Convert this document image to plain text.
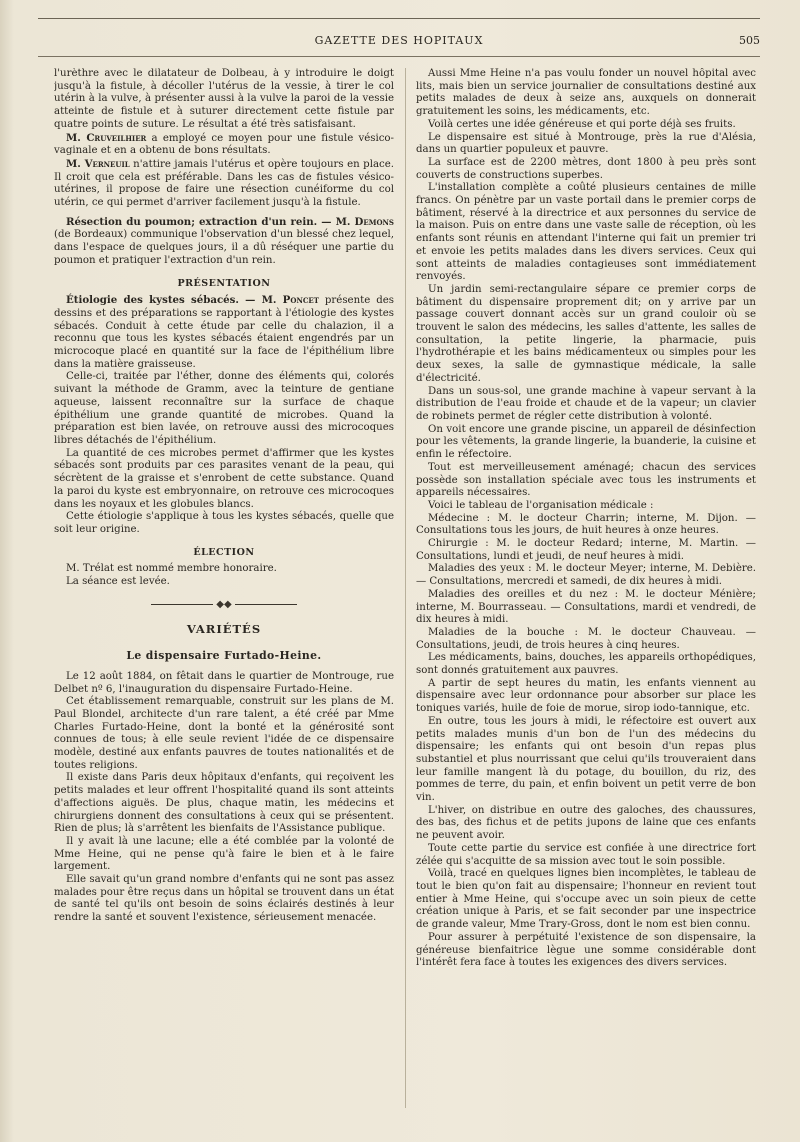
GAZETTE DES HOPITAUX	505

l'urèthre avec le dilatateur de Dolbeau, à y introduire le doigt jusqu'à la fistule, à décoller l'utérus de la vessie, à tirer le col utérin à la vulve, à présenter aussi à la vulve la paroi de la vessie atteinte de fistule et à suturer directement cette fistule par quatre points de suture. Le résultat a été très satisfaisant.

M. Cruveilhier a employé ce moyen pour une fistule vésico-vaginale et en a obtenu de bons résultats.

M. Verneuil n'attire jamais l'utérus et opère toujours en place. Il croit que cela est préférable. Dans les cas de fistules vésico-utérines, il propose de faire une résection cunéiforme du col utérin, ce qui permet d'arriver facilement jusqu'à la fistule.

Résection du poumon; extraction d'un rein. — M. Demons (de Bordeaux) communique l'observation d'un blessé chez lequel, dans l'espace de quelques jours, il a dû réséquer une partie du poumon et pratiquer l'extraction d'un rein.

PRÉSENTATION

Étiologie des kystes sébacés. — M. Poncet présente des dessins et des préparations se rapportant à l'étiologie des kystes sébacés. Conduit à cette étude par celle du chalazion, il a reconnu que tous les kystes sébacés étaient engendrés par un microcoque placé en quantité sur la face de l'épithélium libre dans la matière graisseuse.

Celle-ci, traitée par l'éther, donne des éléments qui, colorés suivant la méthode de Gramm, avec la teinture de gentiane aqueuse, laissent reconnaître sur la surface de chaque épithélium une grande quantité de microbes. Quand la préparation est bien lavée, on retrouve aussi des microcoques libres détachés de l'épithélium.

La quantité de ces microbes permet d'affirmer que les kystes sébacés sont produits par ces parasites venant de la peau, qui sécrètent de la graisse et s'enrobent de cette substance. Quand la paroi du kyste est embryonnaire, on retrouve ces microcoques dans les noyaux et les globules blancs.

Cette étiologie s'applique à tous les kystes sébacés, quelle que soit leur origine.

ÉLECTION

M. Trélat est nommé membre honoraire.

La séance est levée.

◆◆
VARIÉTÉS
Le dispensaire Furtado-Heine.

Le 12 août 1884, on fêtait dans le quartier de Montrouge, rue Delbet nº 6, l'inauguration du dispensaire Furtado-Heine.

Cet établissement remarquable, construit sur les plans de M. Paul Blondel, architecte d'un rare talent, a été créé par Mme Charles Furtado-Heine, dont la bonté et la générosité sont connues de tous; à elle seule revient l'idée de ce dispensaire modèle, destiné aux enfants pauvres de toutes nationalités et de toutes religions.

Il existe dans Paris deux hôpitaux d'enfants, qui reçoivent les petits malades et leur offrent l'hospitalité quand ils sont atteints d'affections aiguës. De plus, chaque matin, les médecins et chirurgiens donnent des consultations à ceux qui se présentent. Rien de plus; là s'arrêtent les bienfaits de l'Assistance publique.

Il y avait là une lacune; elle a été comblée par la volonté de Mme Heine, qui ne pense qu'à faire le bien et à le faire largement.

Elle savait qu'un grand nombre d'enfants qui ne sont pas assez malades pour être reçus dans un hôpital se trouvent dans un état de santé tel qu'ils ont besoin de soins éclairés destinés à leur rendre la santé et souvent l'existence, sérieusement menacée.

Aussi Mme Heine n'a pas voulu fonder un nouvel hôpital avec lits, mais bien un service journalier de consultations destiné aux petits malades de deux à seize ans, auxquels on donnerait gratuitement les soins, les médicaments, etc.

Voilà certes une idée généreuse et qui porte déjà ses fruits.

Le dispensaire est situé à Montrouge, près la rue d'Alésia, dans un quartier populeux et pauvre.

La surface est de 2200 mètres, dont 1800 à peu près sont couverts de constructions superbes.

L'installation complète a coûté plusieurs centaines de mille francs. On pénètre par un vaste portail dans le premier corps de bâtiment, réservé à la directrice et aux personnes du service de la maison. Puis on entre dans une vaste salle de réception, où les enfants sont réunis en attendant l'interne qui fait un premier tri et envoie les petits malades dans les divers services. Ceux qui sont atteints de maladies contagieuses sont immédiatement renvoyés.

Un jardin semi-rectangulaire sépare ce premier corps de bâtiment du dispensaire proprement dit; on y arrive par un passage couvert donnant accès sur un grand couloir où se trouvent le salon des médecins, les salles d'attente, les salles de consultation, la petite lingerie, la pharmacie, puis l'hydrothérapie et les bains médicamenteux ou simples pour les deux sexes, la salle de gymnastique médicale, la salle d'électricité.

Dans un sous-sol, une grande machine à vapeur servant à la distribution de l'eau froide et chaude et de la vapeur; un clavier de robinets permet de régler cette distribution à volonté.

On voit encore une grande piscine, un appareil de désinfection pour les vêtements, la grande lingerie, la buanderie, la cuisine et enfin le réfectoire.

Tout est merveilleusement aménagé; chacun des services possède son installation spéciale avec tous les instruments et appareils nécessaires.

Voici le tableau de l'organisation médicale :

Médecine : M. le docteur Charrin; interne, M. Dijon. — Consultations tous les jours, de huit heures à onze heures.

Chirurgie : M. le docteur Redard; interne, M. Martin. — Consultations, lundi et jeudi, de neuf heures à midi.

Maladies des yeux : M. le docteur Meyer; interne, M. Debière. — Consultations, mercredi et samedi, de dix heures à midi.

Maladies des oreilles et du nez : M. le docteur Ménière; interne, M. Bourrasseau. — Consultations, mardi et vendredi, de dix heures à midi.

Maladies de la bouche : M. le docteur Chauveau. — Consultations, jeudi, de trois heures à cinq heures.

Les médicaments, bains, douches, les appareils orthopédiques, sont donnés gratuitement aux pauvres.

A partir de sept heures du matin, les enfants viennent au dispensaire avec leur ordonnance pour absorber sur place les toniques variés, huile de foie de morue, sirop iodo-tannique, etc.

En outre, tous les jours à midi, le réfectoire est ouvert aux petits malades munis d'un bon de l'un des médecins du dispensaire; les enfants qui ont besoin d'un repas plus substantiel et plus nourrissant que celui qu'ils trouveraient dans leur famille mangent là du potage, du bouillon, du riz, des pommes de terre, du pain, et enfin boivent un petit verre de bon vin.

L'hiver, on distribue en outre des galoches, des chaussures, des bas, des fichus et de petits jupons de laine que ces enfants ne peuvent avoir.

Toute cette partie du service est confiée à une directrice fort zélée qui s'acquitte de sa mission avec tout le soin possible.

Voilà, tracé en quelques lignes bien incomplètes, le tableau de tout le bien qu'on fait au dispensaire; l'honneur en revient tout entier à Mme Heine, qui s'occupe avec un soin pieux de cette création unique à Paris, et se fait seconder par une inspectrice de grande valeur, Mme Trary-Gross, dont le nom est bien connu.

Pour assurer à perpétuité l'existence de son dispensaire, la généreuse bienfaitrice lègue une somme considérable dont l'intérêt fera face à toutes les exigences des divers services.
